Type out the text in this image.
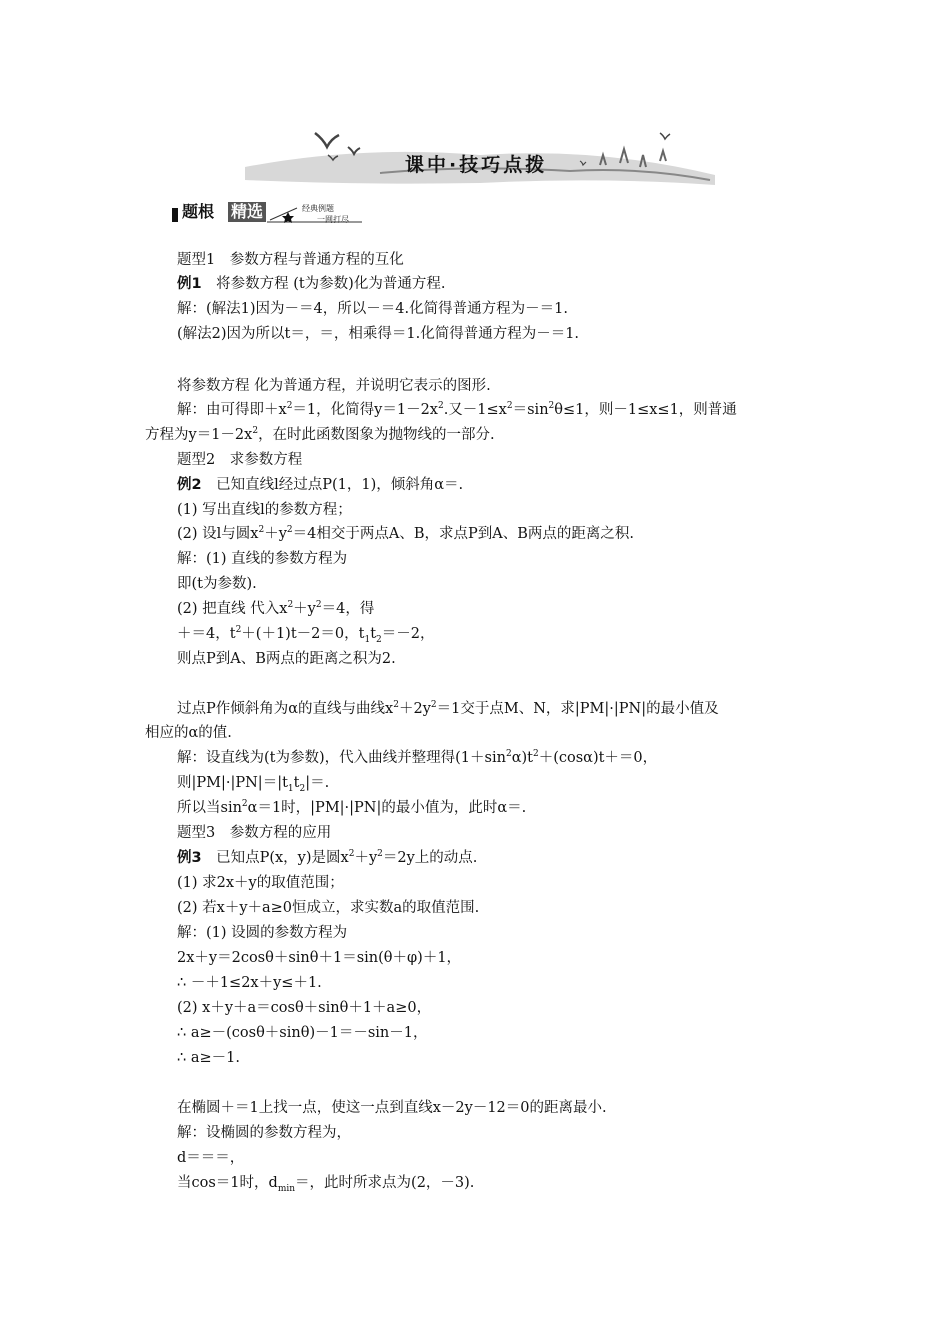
课中·技巧点拨
题根 精选	经典例题
一网打尽
题型1　参数方程与普通方程的互化
例1　将参数方程 (t为参数)化为普通方程.
解：(解法1)因为－＝4，所以－＝4.化简得普通方程为－＝1.
(解法2)因为所以t＝，＝，相乘得＝1.化简得普通方程为－＝1.
将参数方程 化为普通方程，并说明它表示的图形.
解：由可得即$+x^2=1$，化简得$y=1-2x^2$.又$-1\le x^2=\sin^2\theta\le 1$，则－1≤x≤1，则普通
方程为$y=1-2x^2$，在时此函数图象为抛物线的一部分.
题型2　求参数方程
例2　已知直线l经过点P(1，1)，倾斜角α＝.
(1) 写出直线l的参数方程；
(2) 设l与圆$x^2+y^2=4$相交于两点A、B，求点P到A、B两点的距离之积.
解：(1) 直线的参数方程为
即(t为参数).
(2) 把直线 代入$x^2+y^2=4$，得
＋＝4，$t^2+(+1)t-2=0$，$t_1t_2=-2$，
则点P到A、B两点的距离之积为2.
过点P作倾斜角为α的直线与曲线$x^2+2y^2=1$交于点M、N，求|PM|·|PN|的最小值及
相应的α的值.
解：设直线为(t为参数)，代入曲线并整理得$(1+\sin^2\alpha)t^2+(\cos\alpha)t+=0$，
则$|PM|\cdot|PN|=|t_1t_2|=$.
所以当$\sin^2\alpha=1$时，|PM|·|PN|的最小值为，此时α＝.
题型3　参数方程的应用
例3　已知点P(x，y)是圆$x^2+y^2=2y$上的动点.
(1) 求2x＋y的取值范围；
(2) 若x＋y＋a≥0恒成立，求实数a的取值范围.
解：(1) 设圆的参数方程为
2x＋y＝2cosθ＋sinθ＋1＝sin(θ＋φ)＋1，
∴ －＋1≤2x＋y≤＋1.
(2) x＋y＋a＝cosθ＋sinθ＋1＋a≥0，
∴ a≥－(cosθ＋sinθ)－1＝－sin－1，
∴ a≥－1.
在椭圆＋＝1上找一点，使这一点到直线x－2y－12＝0的距离最小.
解：设椭圆的参数方程为，
d＝＝＝，
当cos＝1时，$d_{min}=$，此时所求点为(2，－3).
